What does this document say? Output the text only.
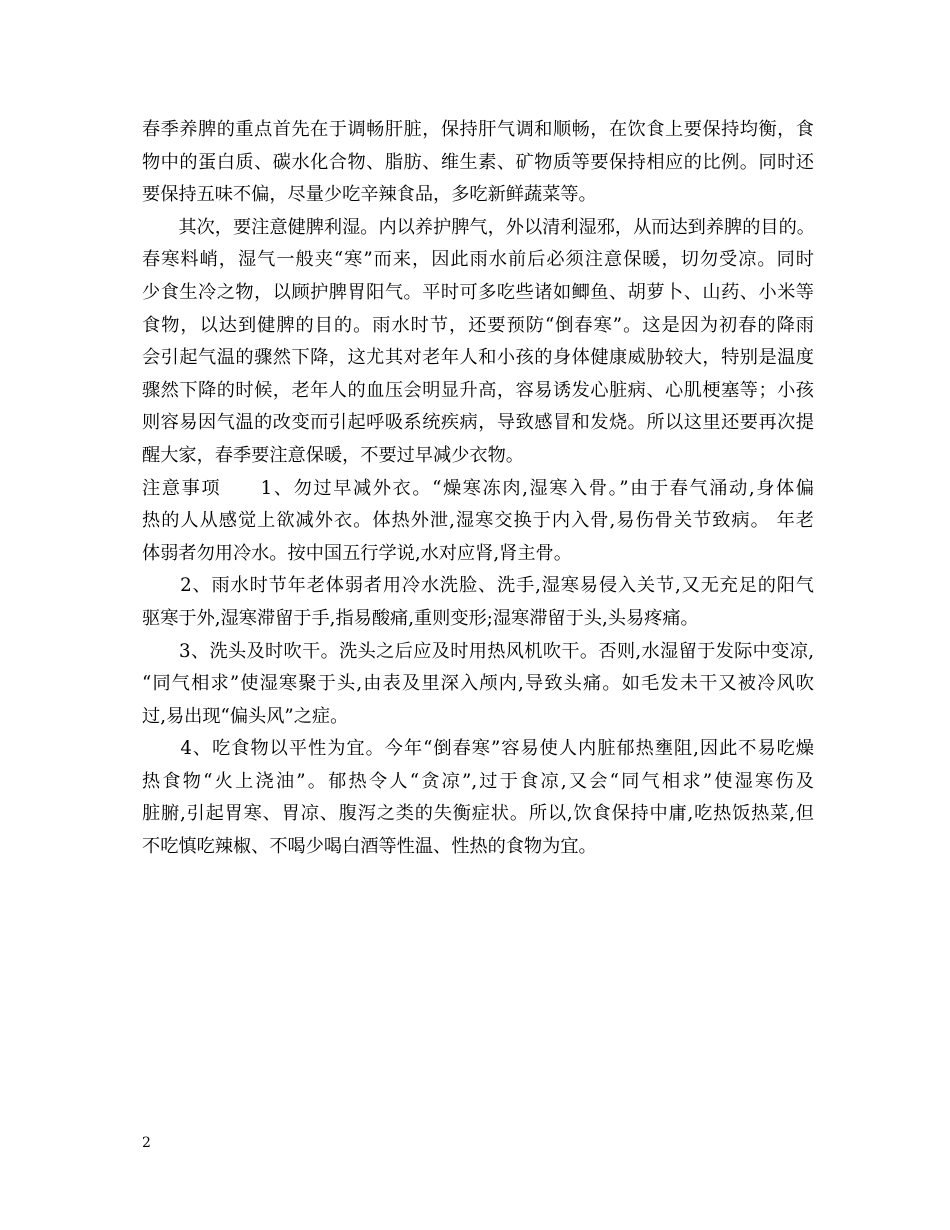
春季养脾的重点首先在于调畅肝脏，保持肝气调和顺畅，在饮食上要保持均衡，食
物中的蛋白质、碳水化合物、脂肪、维生素、矿物质等要保持相应的比例。同时还
要保持五味不偏，尽量少吃辛辣食品，多吃新鲜蔬菜等。
　　其次，要注意健脾利湿。内以养护脾气，外以清利湿邪，从而达到养脾的目的。
春寒料峭，湿气一般夹“寒”而来，因此雨水前后必须注意保暖，切勿受凉。同时
少食生冷之物，以顾护脾胃阳气。平时可多吃些诸如鲫鱼、胡萝卜、山药、小米等
食物，以达到健脾的目的。雨水时节，还要预防“倒春寒”。这是因为初春的降雨
会引起气温的骤然下降，这尤其对老年人和小孩的身体健康威胁较大，特别是温度
骤然下降的时候，老年人的血压会明显升高，容易诱发心脏病、心肌梗塞等；小孩
则容易因气温的改变而引起呼吸系统疾病，导致感冒和发烧。所以这里还要再次提
醒大家，春季要注意保暖，不要过早减少衣物。
注意事项　　1、勿过早减外衣。“燥寒冻肉,湿寒入骨。”由于春气涌动,身体偏
热的人从感觉上欲减外衣。体热外泄,湿寒交换于内入骨,易伤骨关节致病。 年老
体弱者勿用冷水。按中国五行学说,水对应肾,肾主骨。
　　2、雨水时节年老体弱者用冷水洗脸、洗手,湿寒易侵入关节,又无充足的阳气
驱寒于外,湿寒滞留于手,指易酸痛,重则变形;湿寒滞留于头,头易疼痛。
　　3、洗头及时吹干。洗头之后应及时用热风机吹干。否则,水湿留于发际中变凉,
“同气相求”使湿寒聚于头,由表及里深入颅内,导致头痛。如毛发未干又被冷风吹
过,易出现“偏头风”之症。
　　4、吃食物以平性为宜。今年“倒春寒”容易使人内脏郁热壅阻,因此不易吃燥
热食物“火上浇油”。郁热令人“贪凉”,过于食凉,又会“同气相求”使湿寒伤及
脏腑,引起胃寒、胃凉、腹泻之类的失衡症状。所以,饮食保持中庸,吃热饭热菜,但
不吃慎吃辣椒、不喝少喝白酒等性温、性热的食物为宜。
2
